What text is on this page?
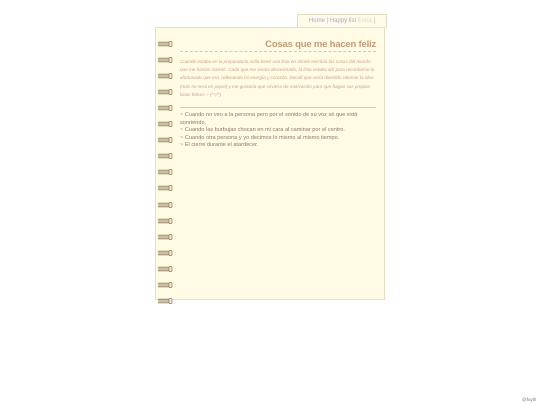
Home | Happy list Extra |
Cosas que me hacen feliz
Cuando estaba en la preparatoria solía tener una lista en donde escribía las cosas del mundo que me hacían sonreír. Cada que me sentía desanimado, la lista estaba ahí para recordarme lo afortunado que era, rellenando mi energía y corazón. Decidí que sería divertido retomar la idea (más no será en papel) y me gustaría que sirviese de motivación para que hagan sus propias listas felices ~ (^▽^)
~ Cuando no veo a la persona pero por el sonido de su voz sé que está sonriendo.
~ Cuando las burbujas chocan en mi cara al caminar por el centro.
~ Cuando otra persona y yo decimos lo mismo al mismo tiempo.
~ El cierre durante el atardecer.
@foyth
